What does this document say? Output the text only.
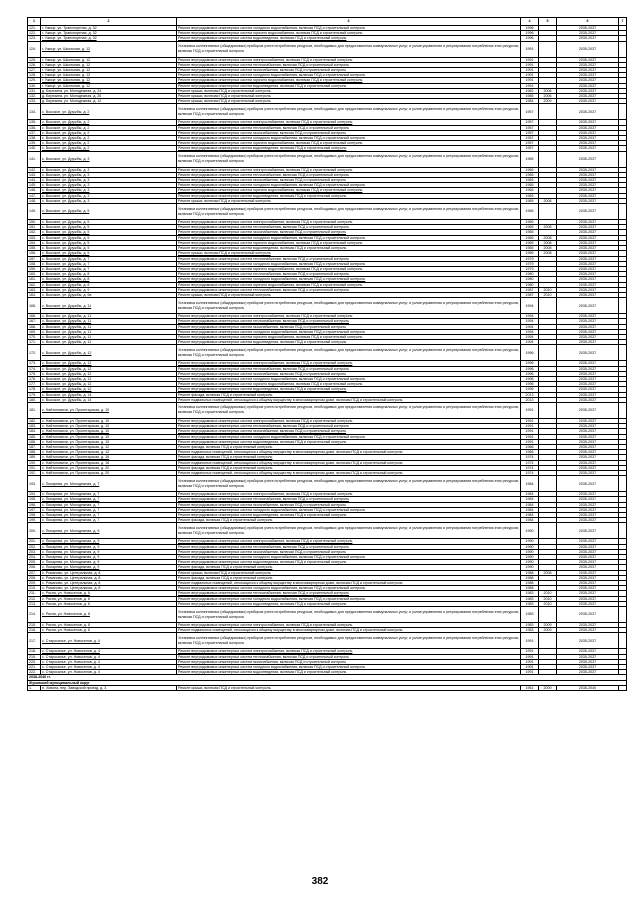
1	2	3	4	5	6	7
121.	г. Ужице, ул. Транспортная, д. 32	Ремонт внутридомовых инженерных систем холодного водоснабжения, включая ПСД и строительный контроль	1996		2035-2037	
122.	г. Ужице, ул. Транспортная, д. 32	Ремонт внутридомовых инженерных систем горячего водоснабжения, включая ПСД и строительный контроль	1996		2035-2037	
123.	г. Ужице, ул. Транспортная, д. 32	Ремонт внутридомовых инженерных систем водоотведения, включая ПСД и строительный контроль	1996		2035-2037	
124.	г. Ужице, ул. Школьная, д. 12	Установка коллективных (общедомовых) приборов учета потребления ресурсов, необходимых для предоставления коммунальных услуг, и узлов управления и регулирования потребления этих ресурсов, включая ПСД и строительный контроль	1991		2035-2037	
125.	г. Ужице, ул. Школьная, д. 12	Ремонт внутридомовых инженерных систем электроснабжения, включая ПСД и строительный контроль	1991		2035-2037	
126.	г. Ужице, ул. Школьная, д. 12	Ремонт внутридомовых инженерных систем теплоснабжения, включая ПСД и строительный контроль	1991		2035-2037	
127.	г. Ужице, ул. Школьная, д. 12	Ремонт внутридомовых инженерных систем газоснабжения, включая ПСД и строительный контроль	1991		2035-2037	
128.	г. Ужице, ул. Школьная, д. 12	Ремонт внутридомовых инженерных систем холодного водоснабжения, включая ПСД и строительный контроль	1991		2035-2037	
129.	г. Ужице, ул. Школьная, д. 12	Ремонт внутридомовых инженерных систем горячего водоснабжения, включая ПСД и строительный контроль	1991		2035-2037	
130.	г. Ужице, ул. Школьная, д. 12	Ремонт внутридомовых инженерных систем водоотведения, включая ПСД и строительный контроль	1991		2035-2037	
131.	д. Березина, ул. Молодежная, д. 24	Ремонт крыши, включая ПСД и строительный контроль	1982	2006	2035-2037	
132.	д. Березина, ул. Молодежная, д. 26	Ремонт крыши, включая ПСД и строительный контроль	1985	2006	2035-2037	
133.	д. Березина, ул. Молодежная, д. 12	Ремонт крыши, включая ПСД и строительный контроль	1984	2009	2035-2037	
134.	с. Высокое, ул. Дружбы, д. 2	Установка коллективных (общедомовых) приборов учета потребления ресурсов, необходимых для предоставления коммунальных услуг, и узлов управления и регулирования потребления этих ресурсов, включая ПСД и строительный контроль	1957		2035-2037	
135.	с. Высокое, ул. Дружбы, д. 2	Ремонт внутридомовых инженерных систем электроснабжения, включая ПСД и строительный контроль	1957		2035-2037	
136.	с. Высокое, ул. Дружбы, д. 2	Ремонт внутридомовых инженерных систем теплоснабжения, включая ПСД и строительный контроль	1957		2035-2037	
137.	с. Высокое, ул. Дружбы, д. 2	Ремонт внутридомовых инженерных систем газоснабжения, включая ПСД и строительный контроль	1957		2035-2037	
138.	с. Высокое, ул. Дружбы, д. 2	Ремонт внутридомовых инженерных систем холодного водоснабжения, включая ПСД и строительный контроль	1957		2035-2037	
139.	с. Высокое, ул. Дружбы, д. 2	Ремонт внутридомовых инженерных систем горячего водоснабжения, включая ПСД и строительный контроль	1957		2035-2037	
140.	с. Высокое, ул. Дружбы, д. 2	Ремонт внутридомовых инженерных систем водоотведения, включая ПСД и строительный контроль	1957		2035-2037	
141.	с. Высокое, ул. Дружбы, д. 3	Установка коллективных (общедомовых) приборов учета потребления ресурсов, необходимых для предоставления коммунальных услуг, и узлов управления и регулирования потребления этих ресурсов, включая ПСД и строительный контроль	1965		2035-2037	
142.	с. Высокое, ул. Дружбы, д. 3	Ремонт внутридомовых инженерных систем электроснабжения, включая ПСД и строительный контроль	1965		2035-2037	
143.	с. Высокое, ул. Дружбы, д. 3	Ремонт внутридомовых инженерных систем теплоснабжения, включая ПСД и строительный контроль	1965		2035-2037	
144.	с. Высокое, ул. Дружбы, д. 3	Ремонт внутридомовых инженерных систем газоснабжения, включая ПСД и строительный контроль	1965		2035-2037	
145.	с. Высокое, ул. Дружбы, д. 3	Ремонт внутридомовых инженерных систем холодного водоснабжения, включая ПСД и строительный контроль	1965		2035-2037	
146.	с. Высокое, ул. Дружбы, д. 3	Ремонт внутридомовых инженерных систем горячего водоснабжения, включая ПСД и строительный контроль	1965		2035-2037	
147.	с. Высокое, ул. Дружбы, д. 3	Ремонт внутридомовых инженерных систем водоотведения, включая ПСД и строительный контроль	1965		2035-2037	
148.	с. Высокое, ул. Дружбы, д. 3	Ремонт крыши, включая ПСД и строительный контроль	1965	2008	2035-2037	
149.	с. Высокое, ул. Дружбы, д. 5	Установка коллективных (общедомовых) приборов учета потребления ресурсов, необходимых для предоставления коммунальных услуг, и узлов управления и регулирования потребления этих ресурсов, включая ПСД и строительный контроль	1965		2035-2037	
150.	с. Высокое, ул. Дружбы, д. 5	Ремонт внутридомовых инженерных систем электроснабжения, включая ПСД и строительный контроль	1965		2035-2037	
151.	с. Высокое, ул. Дружбы, д. 5	Ремонт внутридомовых инженерных систем теплоснабжения, включая ПСД и строительный контроль	1965	2008	2035-2037	
152.	с. Высокое, ул. Дружбы, д. 5	Ремонт внутридомовых инженерных систем газоснабжения, включая ПСД и строительный контроль	1965		2035-2037	
153.	с. Высокое, ул. Дружбы, д. 5	Ремонт внутридомовых инженерных систем холодного водоснабжения, включая ПСД и строительный контроль	1965	2008	2035-2037	
154.	с. Высокое, ул. Дружбы, д. 5	Ремонт внутридомовых инженерных систем горячего водоснабжения, включая ПСД и строительный контроль	1965	2008	2035-2037	
155.	с. Высокое, ул. Дружбы, д. 5	Ремонт внутридомовых инженерных систем водоотведения, включая ПСД и строительный контроль	1965	2008	2035-2037	
156.	с. Высокое, ул. Дружбы, д. 5	Ремонт крыши, включая ПСД и строительный контроль	1965	2008	2035-2037	
157.	с. Высокое, ул. Дружбы, д. 7	Ремонт внутридомовых инженерных систем теплоснабжения, включая ПСД и строительный контроль	1979		2035-2037	
158.	с. Высокое, ул. Дружбы, д. 7	Ремонт внутридомовых инженерных систем холодного водоснабжения, включая ПСД и строительный контроль	1979		2035-2037	
159.	с. Высокое, ул. Дружбы, д. 7	Ремонт внутридомовых инженерных систем горячего водоснабжения, включая ПСД и строительный контроль	1979		2035-2037	
160.	с. Высокое, ул. Дружбы, д. 8	Ремонт внутридомовых инженерных систем теплоснабжения, включая ПСД и строительный контроль	1980		2035-2037	
161.	с. Высокое, ул. Дружбы, д. 8	Ремонт внутридомовых инженерных систем холодного водоснабжения, включая ПСД и строительный контроль	1980		2035-2037	
162.	с. Высокое, ул. Дружбы, д. 8	Ремонт внутридомовых инженерных систем горячего водоснабжения, включая ПСД и строительный контроль	1980		2035-2037	
163.	с. Высокое, ул. Дружбы, д. 9	Ремонт внутридомовых инженерных систем теплоснабжения, включая ПСД и строительный контроль	1987	2010	2035-2037	
164.	с. Высокое, ул. Дружбы, д. 9а	Ремонт крыши, включая ПСД и строительный контроль	1987	2010	2035-2037	
165.	с. Высокое, ул. Дружбы, д. 11	Установка коллективных (общедомовых) приборов учета потребления ресурсов, необходимых для предоставления коммунальных услуг, и узлов управления и регулирования потребления этих ресурсов, включая ПСД и строительный контроль	1994		2035-2037	
166.	с. Высокое, ул. Дружбы, д. 11	Ремонт внутридомовых инженерных систем электроснабжения, включая ПСД и строительный контроль	1994		2035-2037	
167.	с. Высокое, ул. Дружбы, д. 11	Ремонт внутридомовых инженерных систем теплоснабжения, включая ПСД и строительный контроль	1994		2035-2037	
168.	с. Высокое, ул. Дружбы, д. 11	Ремонт внутридомовых инженерных систем газоснабжения, включая ПСД и строительный контроль	1994		2035-2037	
169.	с. Высокое, ул. Дружбы, д. 11	Ремонт внутридомовых инженерных систем холодного водоснабжения, включая ПСД и строительный контроль	1994		2035-2037	
170.	с. Высокое, ул. Дружбы, д. 11	Ремонт внутридомовых инженерных систем горячего водоснабжения, включая ПСД и строительный контроль	1994		2035-2037	
171.	с. Высокое, ул. Дружбы, д. 11	Ремонт внутридомовых инженерных систем водоотведения, включая ПСД и строительный контроль	1994		2035-2037	
172.	с. Высокое, ул. Дружбы, д. 12	Установка коллективных (общедомовых) приборов учета потребления ресурсов, необходимых для предоставления коммунальных услуг, и узлов управления и регулирования потребления этих ресурсов, включая ПСД и строительный контроль	1996		2035-2037	
173.	с. Высокое, ул. Дружбы, д. 12	Ремонт внутридомовых инженерных систем электроснабжения, включая ПСД и строительный контроль	1996		2035-2037	
174.	с. Высокое, ул. Дружбы, д. 12	Ремонт внутридомовых инженерных систем теплоснабжения, включая ПСД и строительный контроль	1996		2035-2037	
175.	с. Высокое, ул. Дружбы, д. 12	Ремонт внутридомовых инженерных систем газоснабжения, включая ПСД и строительный контроль	1996		2035-2037	
176.	с. Высокое, ул. Дружбы, д. 12	Ремонт внутридомовых инженерных систем холодного водоснабжения, включая ПСД и строительный контроль	1996		2035-2037	
177.	с. Высокое, ул. Дружбы, д. 12	Ремонт внутридомовых инженерных систем горячего водоснабжения, включая ПСД и строительный контроль	1996		2035-2037	
178.	с. Высокое, ул. Дружбы, д. 12	Ремонт внутридомовых инженерных систем водоотведения, включая ПСД и строительный контроль	1996		2035-2037	
179.	с. Высокое, ул. Дружбы, д. 14	Ремонт фасада, включая ПСД и строительный контроль	2013		2035-2037	
180.	с. Высокое, ул. Дружбы, д. 14	Ремонт подвальных помещений, относящихся к общему имуществу в многоквартирном доме, включая ПСД и строительный контроль	2013		2035-2037	
181.	с. Найтоповичи, ул. Пролетарская, д. 10	Установка коллективных (общедомовых) приборов учета потребления ресурсов, необходимых для предоставления коммунальных услуг, и узлов управления и регулирования потребления этих ресурсов, включая ПСД и строительный контроль	1991		2035-2037	
182.	с. Найтоповичи, ул. Пролетарская, д. 10	Ремонт внутридомовых инженерных систем электроснабжения, включая ПСД и строительный контроль	1991		2035-2037	
183.	с. Найтоповичи, ул. Пролетарская, д. 10	Ремонт внутридомовых инженерных систем теплоснабжения, включая ПСД и строительный контроль	1991		2035-2037	
184.	с. Найтоповичи, ул. Пролетарская, д. 10	Ремонт внутридомовых инженерных систем газоснабжения, включая ПСД и строительный контроль	1991		2035-2037	
185.	с. Найтоповичи, ул. Пролетарская, д. 10	Ремонт внутридомовых инженерных систем холодного водоснабжения, включая ПСД и строительный контроль	1991		2035-2037	
186.	с. Найтоповичи, ул. Пролетарская, д. 10	Ремонт внутридомовых инженерных систем водоотведения, включая ПСД и строительный контроль	1991		2035-2037	
187.	с. Найтоповичи, ул. Пролетарская, д. 12	Ремонт фасада, включая ПСД и строительный контроль	1966		2035-2037	
188.	с. Найтоповичи, ул. Пролетарская, д. 12	Ремонт подвальных помещений, относящихся к общему имуществу в многоквартирном доме, включая ПСД и строительный контроль	1966		2035-2037	
189.	с. Найтоповичи, ул. Пролетарская, д. 16	Ремонт фасада, включая ПСД и строительный контроль	1974		2035-2037	
190.	с. Найтоповичи, ул. Пролетарская, д. 16	Ремонт подвальных помещений, относящихся к общему имуществу в многоквартирном доме, включая ПСД и строительный контроль	1974		2035-2037	
191.	с. Найтоповичи, ул. Пролетарская, д. 20	Ремонт фасада, включая ПСД и строительный контроль	1974		2035-2037	
192.	с. Найтоповичи, ул. Пролетарская, д. 20	Ремонт подвальных помещений, относящихся к общему имуществу в многоквартирном доме, включая ПСД и строительный контроль	1974		2035-2037	
193.	с. Писарева, ул. Молодежная, д. 7	Установка коллективных (общедомовых) приборов учета потребления ресурсов, необходимых для предоставления коммунальных услуг, и узлов управления и регулирования потребления этих ресурсов, включая ПСД и строительный контроль	1984		2035-2037	
194.	с. Писарева, ул. Молодежная, д. 7	Ремонт внутридомовых инженерных систем электроснабжения, включая ПСД и строительный контроль	1984		2035-2037	
195.	с. Писарева, ул. Молодежная, д. 7	Ремонт внутридомовых инженерных систем теплоснабжения, включая ПСД и строительный контроль	1984		2035-2037	
196.	с. Писарева, ул. Молодежная, д. 7	Ремонт внутридомовых инженерных систем газоснабжения, включая ПСД и строительный контроль	1984		2035-2037	
197.	с. Писарева, ул. Молодежная, д. 7	Ремонт внутридомовых инженерных систем холодного водоснабжения, включая ПСД и строительный контроль	1984		2035-2037	
198.	с. Писарева, ул. Молодежная, д. 7	Ремонт внутридомовых инженерных систем водоотведения, включая ПСД и строительный контроль	1984		2035-2037	
199.	с. Писарева, ул. Молодежная, д. 7	Ремонт фасада, включая ПСД и строительный контроль	1984		2035-2037	
200.	с. Писарева, ул. Молодежная, д. 9	Установка коллективных (общедомовых) приборов учета потребления ресурсов, необходимых для предоставления коммунальных услуг, и узлов управления и регулирования потребления этих ресурсов, включая ПСД и строительный контроль	1990		2035-2037	
201.	с. Писарева, ул. Молодежная, д. 9	Ремонт внутридомовых инженерных систем электроснабжения, включая ПСД и строительный контроль	1990		2035-2037	
202.	с. Писарева, ул. Молодежная, д. 9	Ремонт внутридомовых инженерных систем теплоснабжения, включая ПСД и строительный контроль	1990		2035-2037	
203.	с. Писарева, ул. Молодежная, д. 9	Ремонт внутридомовых инженерных систем газоснабжения, включая ПСД и строительный контроль	1990		2035-2037	
204.	с. Писарева, ул. Молодежная, д. 9	Ремонт внутридомовых инженерных систем холодного водоснабжения, включая ПСД и строительный контроль	1990		2035-2037	
205.	с. Писарева, ул. Молодежная, д. 9	Ремонт внутридомовых инженерных систем водоотведения, включая ПСД и строительный контроль	1990		2035-2037	
206.	с. Писарева, ул. Молодежная, д. 9	Ремонт фасада, включая ПСД и строительный контроль	1990		2035-2037	
207.	с. Романово, ул. Центральная, д. 8	Ремонт крыши, включая ПСД и строительный контроль	1988	2008	2035-2037	
208.	с. Романово, ул. Центральная, д. 8	Ремонт фасада, включая ПСД и строительный контроль	1988		2035-2037	
209.	с. Романово, ул. Центральная, д. 8	Ремонт подвальных помещений, относящихся к общему имуществу в многоквартирном доме, включая ПСД и строительный контроль	1988		2035-2037	
210.	с. Романово, ул. Центральная, д. 8	Ремонт внутридомовых инженерных систем холодного водоснабжения, включая ПСД и строительный контроль	1988		2035-2037	
211.	с. Рясна, ул. Новоселов, д. 6	Ремонт внутридомовых инженерных систем теплоснабжения, включая ПСД и строительный контроль	1983	2010	2035-2037	
212.	с. Рясна, ул. Новоселов, д. 6	Ремонт внутридомовых инженерных систем холодного водоснабжения, включая ПСД и строительный контроль	1983	2010	2035-2037	
213.	с. Рясна, ул. Новоселов, д. 6	Ремонт внутридомовых инженерных систем водоотведения, включая ПСД и строительный контроль	1983	2010	2035-2037	
214.	с. Рясна, ул. Новоселов, д. 8	Установка коллективных (общедомовых) приборов учета потребления ресурсов, необходимых для предоставления коммунальных услуг, и узлов управления и регулирования потребления этих ресурсов, включая ПСД и строительный контроль	1983		2035-2037	
215.	с. Рясна, ул. Новоселов, д. 8	Ремонт внутридомовых инженерных систем электроснабжения, включая ПСД и строительный контроль	1983	2009	2035-2037	
216.	с. Рясна, ул. Новоселов, д. 8	Ремонт подвальных помещений, относящихся к общему имуществу в многоквартирном доме, включая ПСД и строительный контроль	1983	2009	2035-2037	
217.	с. Старосалье, ул. Новоселов, д. 4	Установка коллективных (общедомовых) приборов учета потребления ресурсов, необходимых для предоставления коммунальных услуг, и узлов управления и регулирования потребления этих ресурсов, включая ПСД и строительный контроль	1991		2035-2037	
218.	с. Старосалье, ул. Новоселов, д. 4	Ремонт внутридомовых инженерных систем электроснабжения, включая ПСД и строительный контроль	1991		2035-2037	
219.	с. Старосалье, ул. Новоселов, д. 4	Ремонт внутридомовых инженерных систем теплоснабжения, включая ПСД и строительный контроль	1991		2035-2037	
220.	с. Старосалье, ул. Новоселов, д. 4	Ремонт внутридомовых инженерных систем газоснабжения, включая ПСД и строительный контроль	1991		2035-2037	
221.	с. Старосалье, ул. Новоселов, д. 4	Ремонт внутридомовых инженерных систем холодного водоснабжения, включая ПСД и строительный контроль	1991		2035-2037	
222.	с. Старосалье, ул. Новоселов, д. 4	Ремонт внутридомовых инженерных систем водоотведения, включая ПСД и строительный контроль	1991		2035-2037	
2038-2040 гг.						
Жуковский муниципальный округ						
1.	п. Ховоеа, пер. Заводской проезд, д. 3	Ремонт крыши, включая ПСД и строительный контроль	1961	2009	2038-2040	
382
